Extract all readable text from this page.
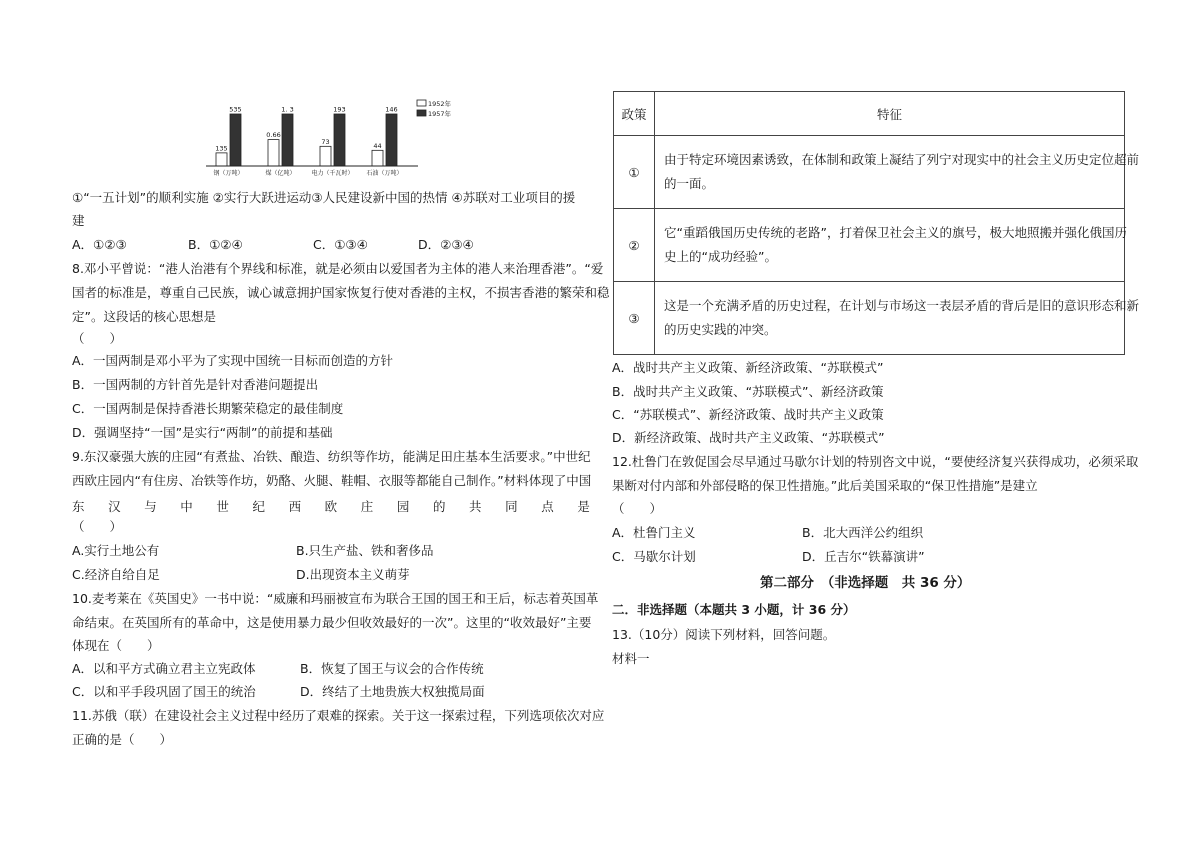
1952年
1957年
135
535
钢（万吨）
0.66
1. 3
煤（亿吨）
73
193
电力（千瓦时）
44
146
石油（万吨）
①“一五计划”的顺利实施 ②实行大跃进运动③人民建设新中国的热情 ④苏联对工业项目的援
建
A．①②③	B．①②④	C．①③④	D．②③④
8.邓小平曾说：“港人治港有个界线和标准，就是必须由以爱国者为主体的港人来治理香港”。“爱
国者的标准是，尊重自己民族，诚心诚意拥护国家恢复行使对香港的主权，不损害香港的繁荣和稳
定”。这段话的核心思想是
（　　）
A．一国两制是邓小平为了实现中国统一目标而创造的方针
B．一国两制的方针首先是针对香港问题提出
C．一国两制是保持香港长期繁荣稳定的最佳制度
D．强调坚持“一国”是实行“两制”的前提和基础
9.东汉豪强大族的庄园“有煮盐、冶铁、酿造、纺织等作坊，能满足田庄基本生活要求。”中世纪
西欧庄园内“有住房、冶铁等作坊，奶酪、火腿、鞋帽、衣服等都能自己制作。”材料体现了中国
东 汉 与 中 世 纪 西 欧 庄 园 的 共 同 点 是
（　　）
A.实行土地公有	B.只生产盐、铁和奢侈品
C.经济自给自足	D.出现资本主义萌芽
10.麦考莱在《英国史》一书中说：“威廉和玛丽被宣布为联合王国的国王和王后，标志着英国革
命结束。在英国所有的革命中，这是使用暴力最少但收效最好的一次”。这里的“收效最好”主要
体现在（　　）
A．以和平方式确立君主立宪政体	B．恢复了国王与议会的合作传统
C．以和平手段巩固了国王的统治	D．终结了土地贵族大权独揽局面
11.苏俄（联）在建设社会主义过程中经历了艰难的探索。关于这一探索过程，下列选项依次对应
正确的是（　　）
政策	特征
①	由于特定环境因素诱致，在体制和政策上凝结了列宁对现实中的社会主义历史定位超前
的一面。

②	它“重蹈俄国历史传统的老路”，打着保卫社会主义的旗号，极大地照搬并强化俄国历
史上的“成功经验”。

③	这是一个充满矛盾的历史过程，在计划与市场这一表层矛盾的背后是旧的意识形态和新
的历史实践的冲突。
A．战时共产主义政策、新经济政策、“苏联模式”
B．战时共产主义政策、“苏联模式”、新经济政策
C．“苏联模式”、新经济政策、战时共产主义政策
D．新经济政策、战时共产主义政策、“苏联模式”
12.杜鲁门在敦促国会尽早通过马歇尔计划的特别咨文中说，“要使经济复兴获得成功，必须采取
果断对付内部和外部侵略的保卫性措施。”此后美国采取的“保卫性措施”是建立
（　　）
A．杜鲁门主义	B．北大西洋公约组织
C．马歇尔计划	D．丘吉尔“铁幕演讲”
第二部分　（非选择题　共 36 分）
二．非选择题（本题共 3 小题，计 36 分）
13.（10分）阅读下列材料，回答问题。
材料一
